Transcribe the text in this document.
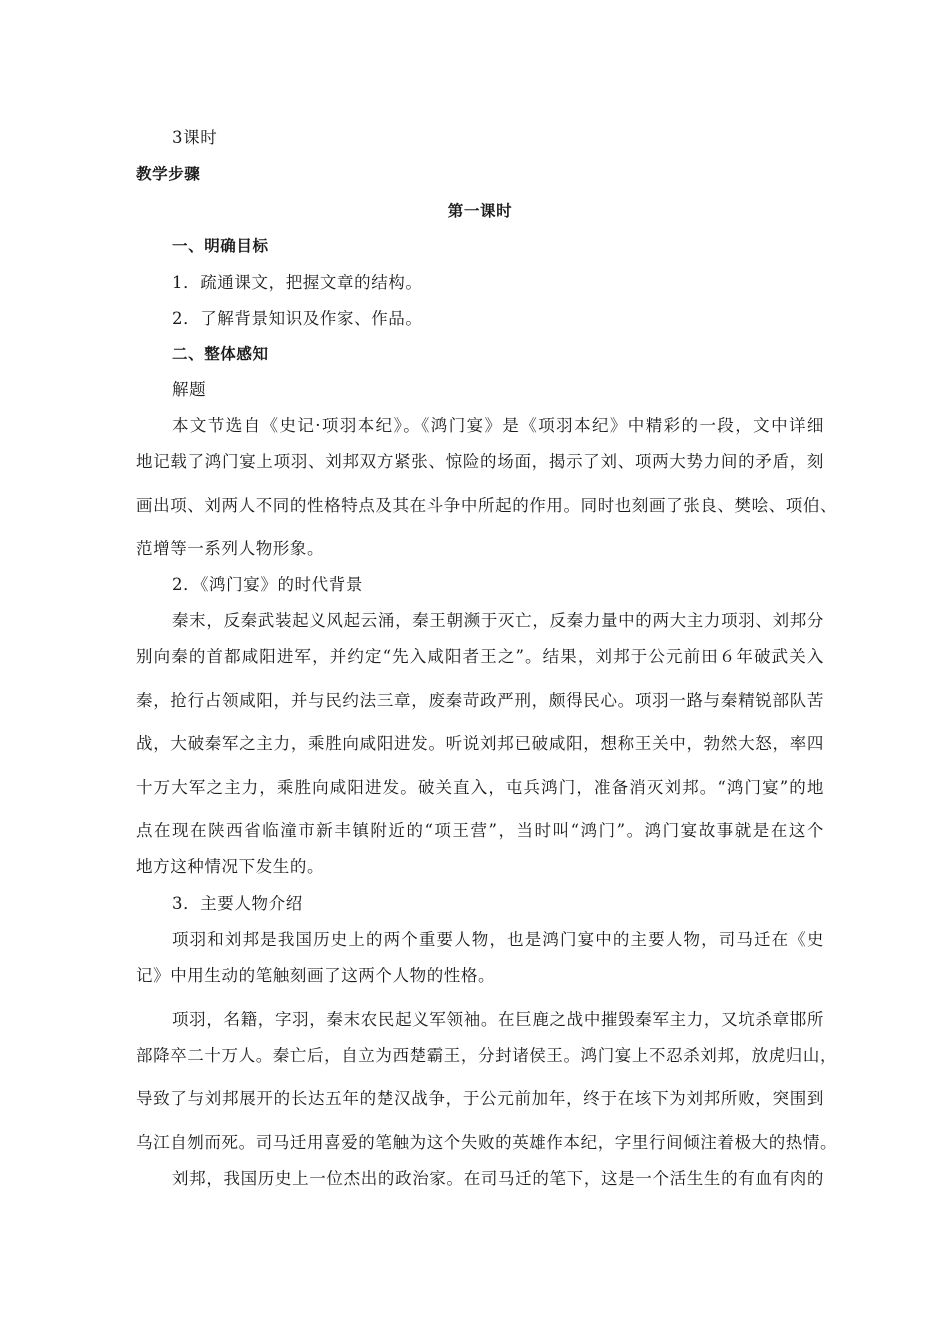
3课时
教学步骤
第一课时
一、明确目标
1．疏通课文，把握文章的结构。
2．了解背景知识及作家、作品。
二、整体感知
解题
本文节选自《史记·项羽本纪》。《鸿门宴》是《项羽本纪》中精彩的一段，文中详细
地记载了鸿门宴上项羽、刘邦双方紧张、惊险的场面，揭示了刘、项两大势力间的矛盾，刻
画出项、刘两人不同的性格特点及其在斗争中所起的作用。同时也刻画了张良、樊哙、项伯、
范增等一系列人物形象。
2．《鸿门宴》的时代背景
秦末，反秦武装起义风起云涌，秦王朝濒于灭亡，反秦力量中的两大主力项羽、刘邦分
别向秦的首都咸阳进军，并约定“先入咸阳者王之”。结果，刘邦于公元前田６年破武关入
秦，抢行占领咸阳，并与民约法三章，废秦苛政严刑，颇得民心。项羽一路与秦精锐部队苦
战，大破秦军之主力，乘胜向咸阳进发。听说刘邦已破咸阳，想称王关中，勃然大怒，率四
十万大军之主力，乘胜向咸阳进发。破关直入，屯兵鸿门，准备消灭刘邦。“鸿门宴”的地
点在现在陕西省临潼市新丰镇附近的“项王营”，当时叫“鸿门”。鸿门宴故事就是在这个
地方这种情况下发生的。
3．主要人物介绍
项羽和刘邦是我国历史上的两个重要人物，也是鸿门宴中的主要人物，司马迁在《史
记》中用生动的笔触刻画了这两个人物的性格。
项羽，名籍，字羽，秦末农民起义军领袖。在巨鹿之战中摧毁秦军主力，又坑杀章邯所
部降卒二十万人。秦亡后，自立为西楚霸王，分封诸侯王。鸿门宴上不忍杀刘邦，放虎归山，
导致了与刘邦展开的长达五年的楚汉战争，于公元前加年，终于在垓下为刘邦所败，突围到
乌江自刎而死。司马迁用喜爱的笔触为这个失败的英雄作本纪，字里行间倾注着极大的热情。
刘邦，我国历史上一位杰出的政治家。在司马迁的笔下，这是一个活生生的有血有肉的
